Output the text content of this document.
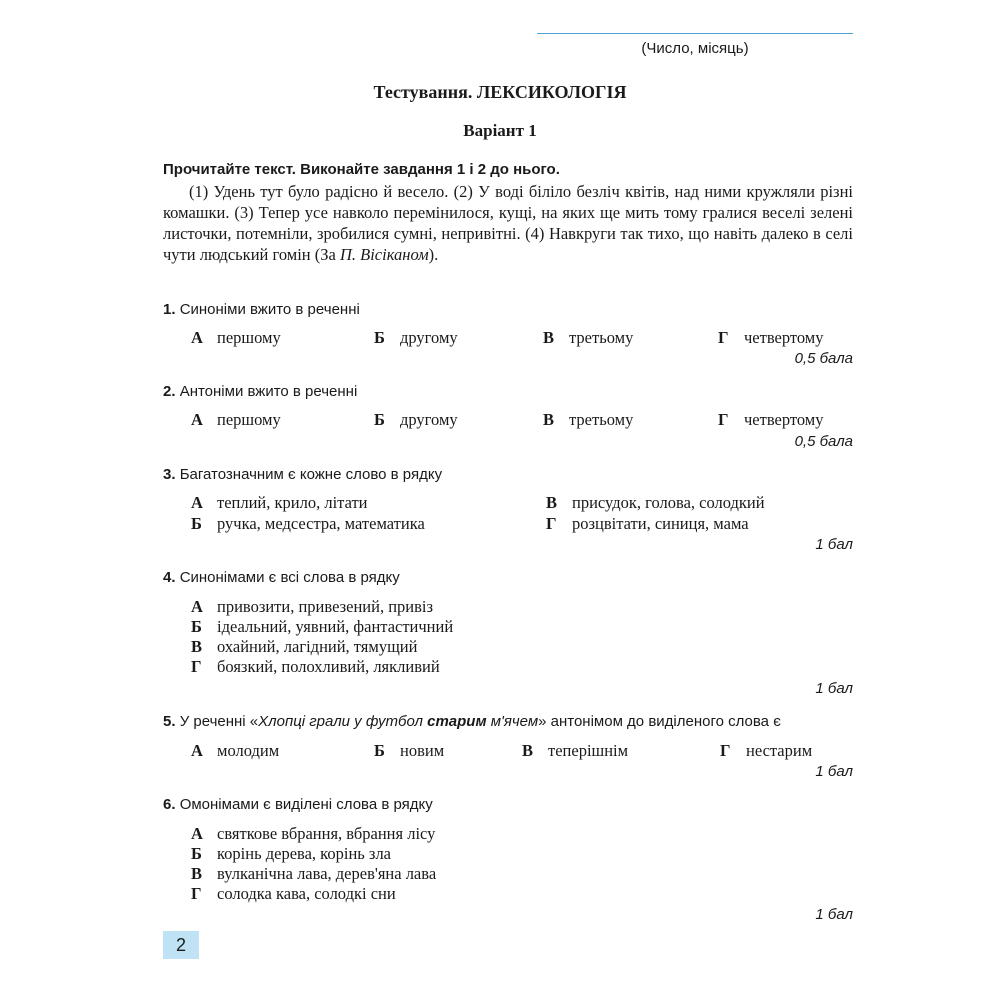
(Число, місяць)
Тестування. ЛЕКСИКОЛОГІЯ
Варіант 1
Прочитайте текст. Виконайте завдання 1 і 2 до нього.

(1) Удень тут було радісно й весело. (2) У воді біліло безліч квітів, над ними кружляли різні комашки. (3) Тепер усе навколо перемінилося, кущі, на яких ще мить тому гралися веселі зелені листочки, потемніли, зробилися сумні, непривітні. (4) Навкруги так тихо, що навіть далеко в селі чути людський гомін (За П. Вісіканом).

1. Синоніми вжито в реченні
А першому	Б другому	В третьому	Г четвертому
0,5 бала
2. Антоніми вжито в реченні
А першому	Б другому	В третьому	Г четвертому
0,5 бала
3. Багатозначним є кожне слово в рядку
А теплий, крило, літати
Б ручка, медсестра, математика
В присудок, голова, солодкий
Г розцвітати, синиця, мама
1 бал
4. Синонімами є всі слова в рядку
А привозити, привезений, привіз
Б ідеальний, уявний, фантастичний
В охайний, лагідний, тямущий
Г боязкий, полохливий, лякливий
1 бал
5. У реченні «Хлопці грали у футбол старим м'ячем» антонімом до виділеного слова є
А молодим	Б новим	В теперішнім	Г нестарим
1 бал
6. Омонімами є виділені слова в рядку
А святкове вбрання, вбрання лісу
Б корінь дерева, корінь зла
В вулканічна лава, дерев'яна лава
Г солодка кава, солодкі сни
1 бал
2
